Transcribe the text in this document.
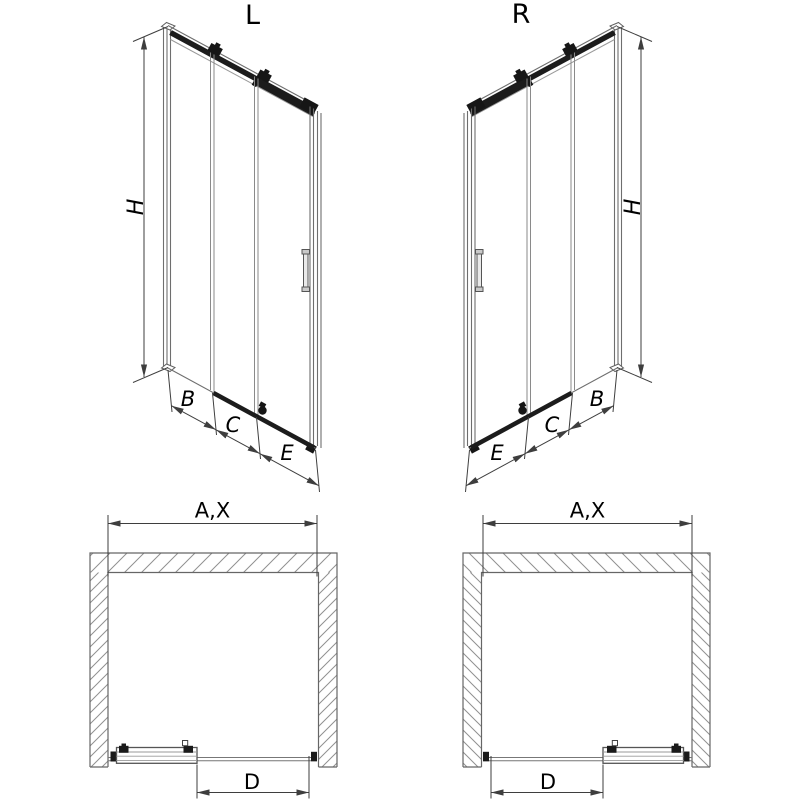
L
H
B
C
E
R
H
E
C
B
A,X
D
A,X
D
